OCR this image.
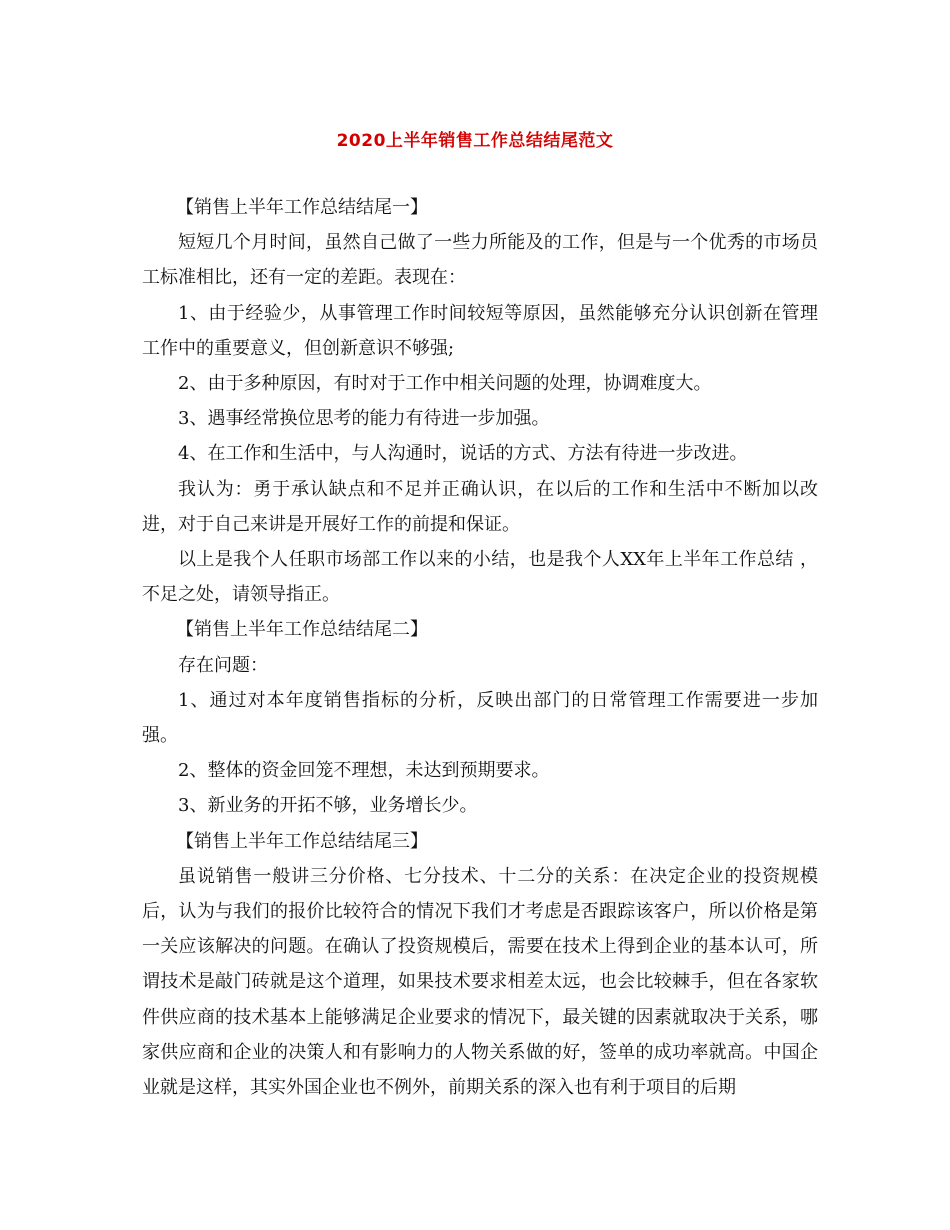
2020上半年销售工作总结结尾范文

【销售上半年工作总结结尾一】

短短几个月时间，虽然自己做了一些力所能及的工作，但是与一个优秀的市场员工标准相比，还有一定的差距。表现在：

1、由于经验少，从事管理工作时间较短等原因，虽然能够充分认识创新在管理工作中的重要意义，但创新意识不够强;

2、由于多种原因，有时对于工作中相关问题的处理，协调难度大。

3、遇事经常换位思考的能力有待进一步加强。

4、在工作和生活中，与人沟通时，说话的方式、方法有待进一步改进。

我认为：勇于承认缺点和不足并正确认识，在以后的工作和生活中不断加以改进，对于自己来讲是开展好工作的前提和保证。

以上是我个人任职市场部工作以来的小结，也是我个人XX年上半年工作总结 ，不足之处，请领导指正。

【销售上半年工作总结结尾二】

存在问题：

1、通过对本年度销售指标的分析，反映出部门的日常管理工作需要进一步加强。

2、整体的资金回笼不理想，未达到预期要求。

3、新业务的开拓不够，业务增长少。

【销售上半年工作总结结尾三】

虽说销售一般讲三分价格、七分技术、十二分的关系：在决定企业的投资规模后，认为与我们的报价比较符合的情况下我们才考虑是否跟踪该客户，所以价格是第一关应该解决的问题。在确认了投资规模后，需要在技术上得到企业的基本认可，所谓技术是敲门砖就是这个道理，如果技术要求相差太远，也会比较棘手，但在各家软件供应商的技术基本上能够满足企业要求的情况下，最关键的因素就取决于关系，哪家供应商和企业的决策人和有影响力的人物关系做的好，签单的成功率就高。中国企业就是这样，其实外国企业也不例外，前期关系的深入也有利于项目的后期
